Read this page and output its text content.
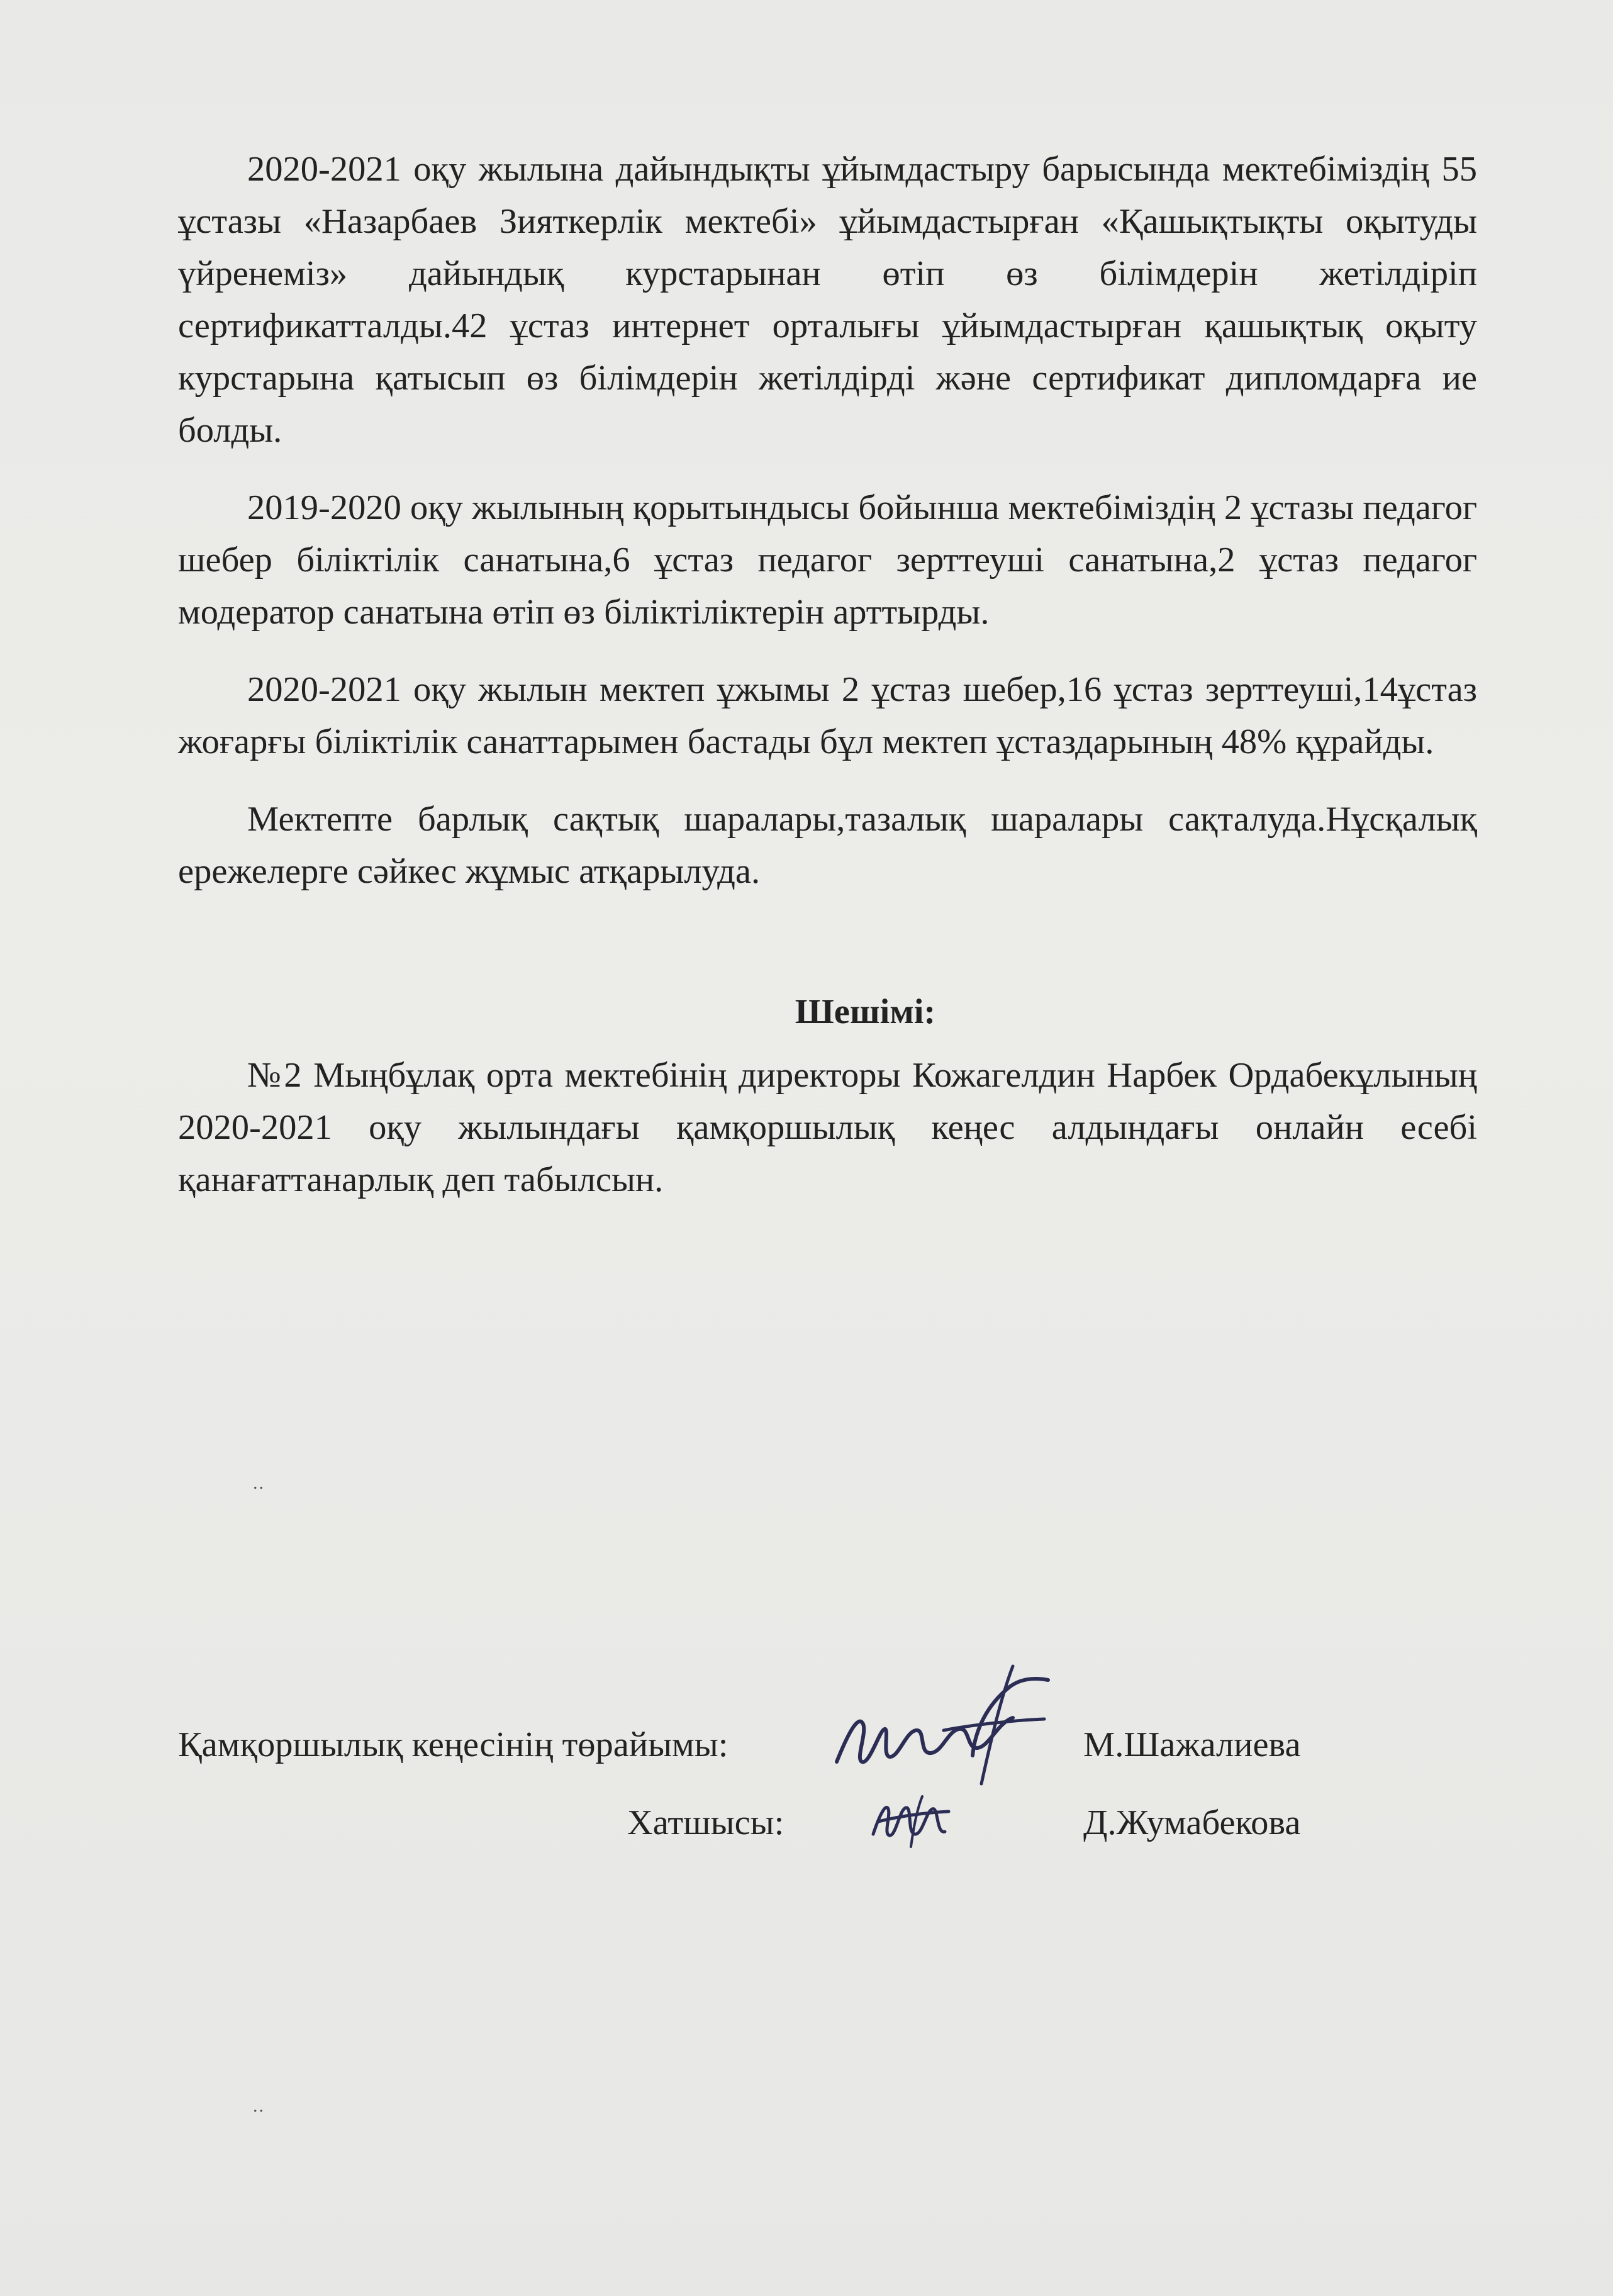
2020-2021 оқу жылына дайындықты ұйымдастыру барысында мектебіміздің 55 ұстазы «Назарбаев Зияткерлік мектебі» ұйымдастырған «Қашықтықты оқытуды үйренеміз» дайындық курстарынан өтіп өз білімдерін жетілдіріп сертификатталды.42 ұстаз интернет орталығы ұйымдастырған қашықтық оқыту курстарына қатысып өз білімдерін жетілдірді және сертификат дипломдарға ие болды.

2019-2020 оқу жылының қорытындысы бойынша мектебіміздің 2 ұстазы педагог шебер біліктілік санатына,6 ұстаз педагог зерттеуші санатына,2 ұстаз педагог модератор санатына өтіп өз біліктіліктерін арттырды.

2020-2021 оқу жылын мектеп ұжымы 2 ұстаз шебер,16 ұстаз зерттеуші,14ұстаз жоғарғы біліктілік санаттарымен бастады бұл мектеп ұстаздарының 48% құрайды.

Мектепте барлық сақтық шаралары,тазалық шаралары сақталуда.Нұсқалық ережелерге сәйкес жұмыс атқарылуда.

Шешімі:

№2 Мыңбұлақ орта мектебінің директоры Кожагелдин Нарбек Ордабекұлының 2020-2021 оқу жылындағы қамқоршылық кеңес алдындағы онлайн есебі қанағаттанарлық деп табылсын.

..
..
Қамқоршылық кеңесінің төрайымы:	М.Шажалиева
Хатшысы:	Д.Жумабекова
